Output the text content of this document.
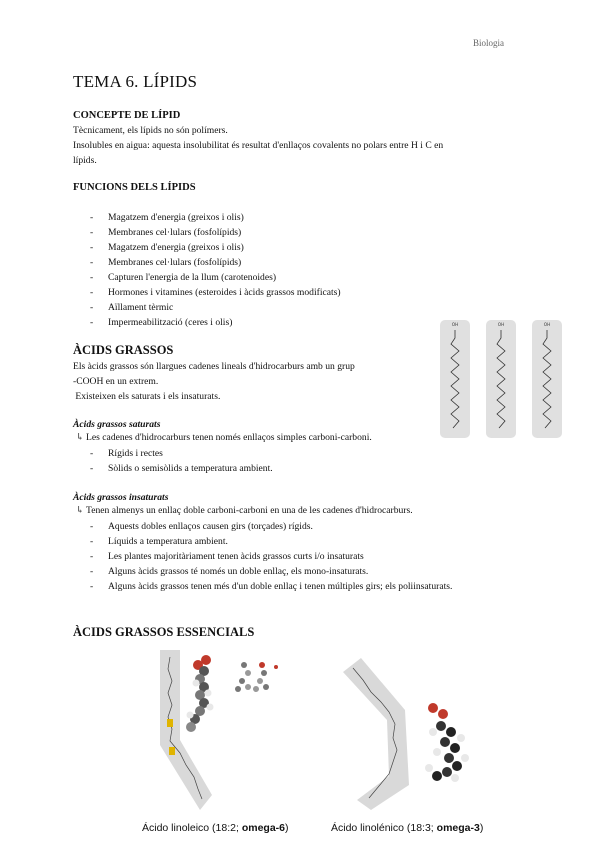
Biologia
TEMA 6. LÍPIDS
CONCEPTE DE LÍPID
Tècnicament, els lípids no són polímers.
Insolubles en aigua: aquesta insolubilitat és resultat d'enllaços covalents no polars entre H i C en
lípids.
FUNCIONS DELS LÍPIDS
- Magatzem d'energia (greixos i olis)
- Membranes cel·lulars (fosfolípids)
- Magatzem d'energia (greixos i olis)
- Membranes cel·lulars (fosfolípids)
- Capturen l'energia de la llum (carotenoides)
- Hormones i vitamines (esteroides i àcids grassos modificats)
- Aïllament tèrmic
- Impermeabilització (ceres i olis)
ÀCIDS GRASSOS
Els àcids grassos són llargues cadenes lineals d'hidrocarburs amb un grup
-COOH en un extrem.
Existeixen els saturats i els insaturats.
OH	OH	OH
Àcids grassos saturats
↳ Les cadenes d'hidrocarburs tenen només enllaços simples carboni-carboni.
- Rígids i rectes
- Sòlids o semisòlids a temperatura ambient.
Àcids grassos insaturats
↳ Tenen almenys un enllaç doble carboni-carboni en una de les cadenes d'hidrocarburs.
- Aquests dobles enllaços causen girs (torçades) rígids.
- Líquids a temperatura ambient.
- Les plantes majoritàriament tenen àcids grassos curts i/o insaturats
- Alguns àcids grassos té només un doble enllaç, els mono-insaturats.
- Alguns àcids grassos tenen més d'un doble enllaç i tenen múltiples girs; els poliinsaturats.
ÀCIDS GRASSOS ESSENCIALS
Ácido linoleico (18:2; omega-6)	Ácido linolénico (18:3; omega-3)
